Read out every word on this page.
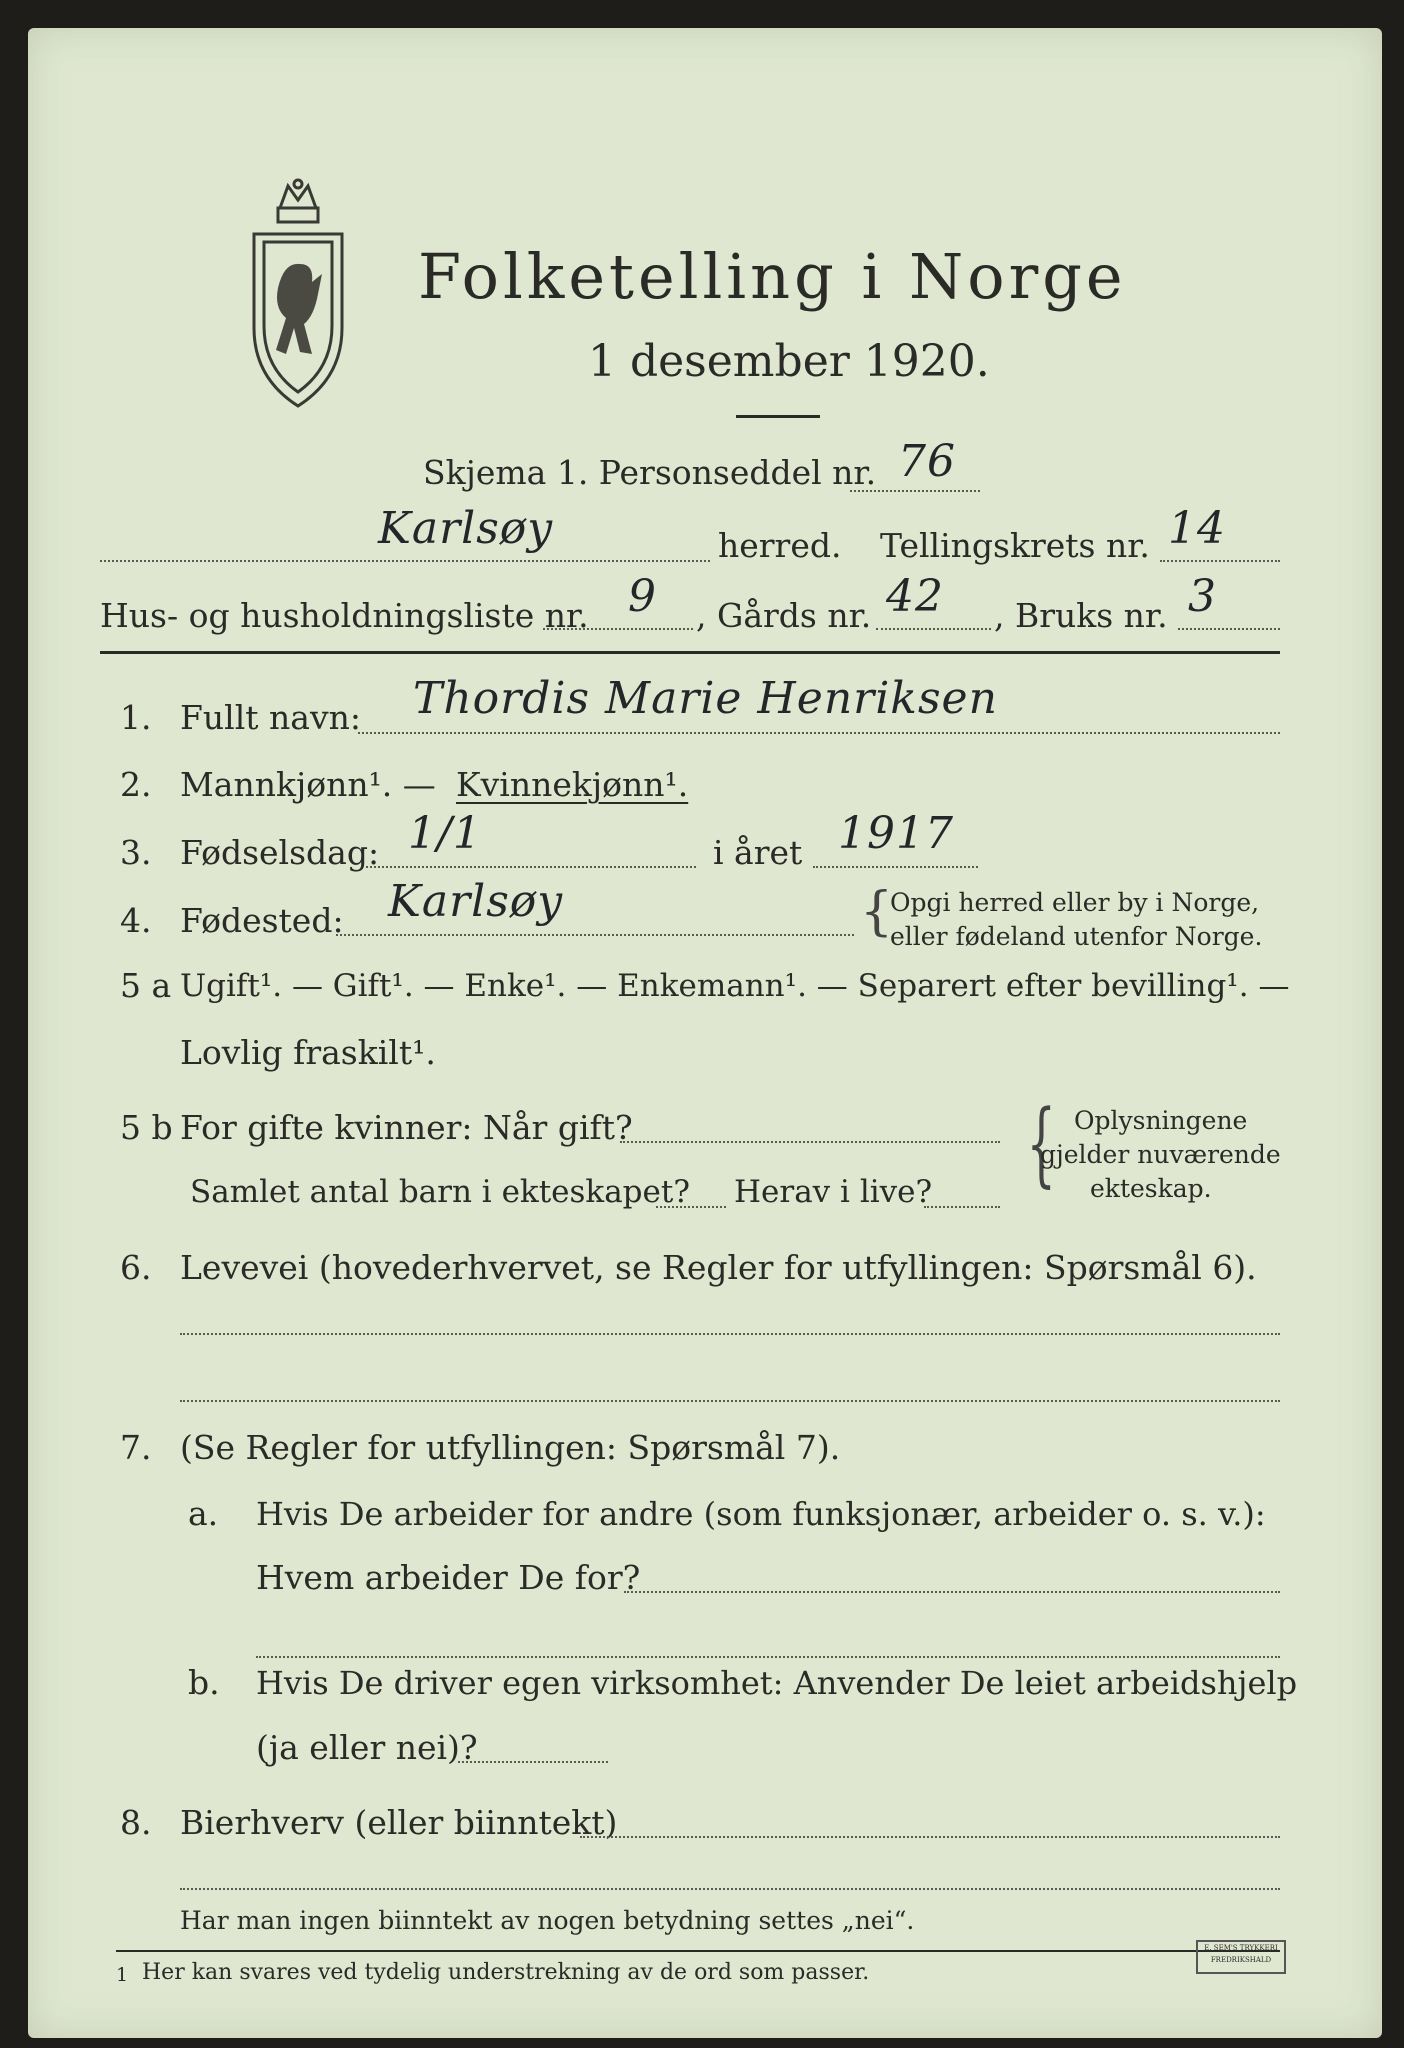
Folketelling i Norge
1 desember 1920.
Skjema 1. Personseddel nr. 76
Karlsøy	herred. Tellingskrets nr. 14
Hus- og husholdningsliste nr. 9 , Gårds nr. 42 , Bruks nr. 3
1. Fullt navn: Thordis Marie Henriksen
2. Mannkjønn¹. — Kvinnekjønn¹.
3. Fødselsdag: 1/1	i året 1917
4. Fødested: Karlsøy	{
Opgi herred eller by i Norge,
eller fødeland utenfor Norge.
5 a Ugift¹. — Gift¹. — Enke¹. — Enkemann¹. — Separert efter bevilling¹. —
Lovlig fraskilt¹.
5 b For gifte kvinner: Når gift?
Samlet antal barn i ekteskapet? Herav i live? { Oplysningene
gjelder nuværende
ekteskap.
6. Levevei (hovederhvervet, se Regler for utfyllingen: Spørsmål 6).
7. (Se Regler for utfyllingen: Spørsmål 7).
a. Hvis De arbeider for andre (som funksjonær, arbeider o. s. v.):
Hvem arbeider De for?
b. Hvis De driver egen virksomhet: Anvender De leiet arbeidshjelp
(ja eller nei)?
8. Bierhverv (eller biinntekt)
Har man ingen biinntekt av nogen betydning settes „nei“.
1 Her kan svares ved tydelig understrekning av de ord som passer.
E. SEM'S TRYKKERI
FREDRIKSHALD
